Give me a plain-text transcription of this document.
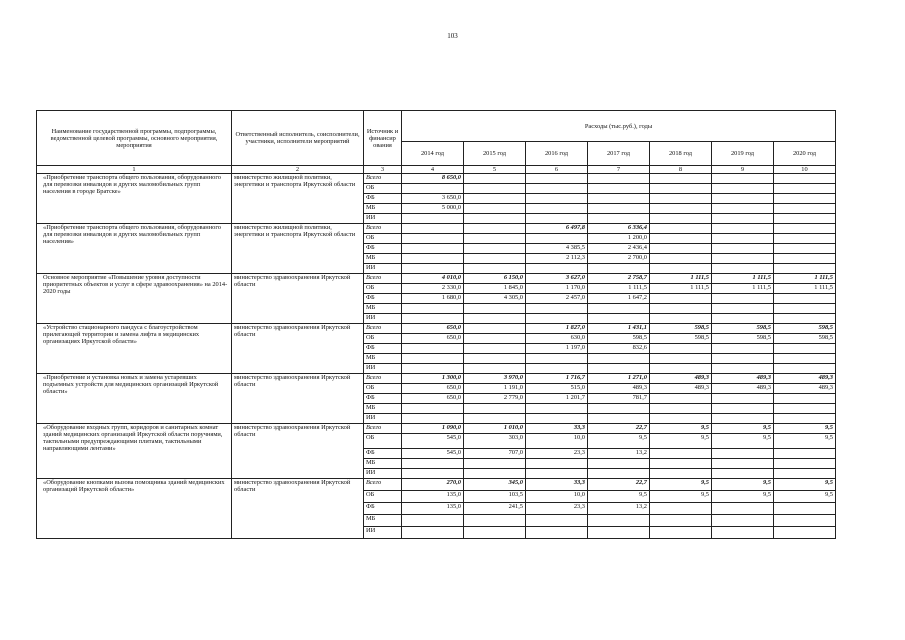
103
Наименование государственной программы, подпрограммы, ведомственной целевой программы, основного мероприятия, мероприятия	Ответственный исполнитель, соисполнители, участники, исполнители мероприятий	Источник и финансир ования	Расходы (тыс.руб.), годы						
			2014 год	2015 год	2016 год	2017 год	2018 год	2019 год	2020 год
1	2	3	4	5	6	7	8	9	10
«Приобретение транспорта общего пользования, оборудованного для перевозки инвалидов и других маломобильных групп населения в городе Братске»	министерство жилищной политики, энергетики и транспорта Иркутской области	Всего	8 650,0						
		ОБ							
		ФБ	3 650,0						
		МБ	5 000,0						
		ИИ							
«Приобретение транспорта общего пользования, оборудованного для перевозки инвалидов и других маломобильных групп населения»	министерство жилищной политики, энергетики и транспорта Иркутской области	Всего			6 497,8	6 336,4			
		ОБ				1 200,0			
		ФБ			4 385,5	2 436,4			
		МБ			2 112,3	2 700,0			
		ИИ							
Основное мероприятие «Повышение уровня доступности приоритетных объектов и услуг в сфере здравоохранения» на 2014-2020 годы	министерство здравоохранения Иркутской области	Всего	4 010,0	6 150,0	3 627,0	2 758,7	1 111,5	1 111,5	1 111,5
		ОБ	2 330,0	1 845,0	1 170,0	1 111,5	1 111,5	1 111,5	1 111,5
		ФБ	1 680,0	4 305,0	2 457,0	1 647,2			
		МБ							
		ИИ							
«Устройство стационарного пандуса с благоустройством прилегающей территории и замена лифта в медицинских организациях Иркутской области»	министерство здравоохранения Иркутской области	Всего	650,0		1 827,0	1 431,1	598,5	598,5	598,5
		ОБ	650,0		630,0	598,5	598,5	598,5	598,5
		ФБ			1 197,0	832,6			
		МБ							
		ИИ							
«Приобретение и установка новых и замена устаревших подъемных устройств для медицинских организаций Иркутской области»	министерство здравоохранения Иркутской области	Всего	1 300,0	3 970,0	1 716,7	1 271,0	489,3	489,3	489,3
		ОБ	650,0	1 191,0	515,0	489,3	489,3	489,3	489,3
		ФБ	650,0	2 779,0	1 201,7	781,7			
		МБ							
		ИИ							
«Оборудование входных групп, коридоров и санитарных комнат зданий медицинских организаций Иркутской области поручнями, тактильными предупреждающими плитами, тактильными направляющими лентами»	министерство здравоохранения Иркутской области	Всего	1 090,0	1 010,0	33,3	22,7	9,5	9,5	9,5
		ОБ	545,0	303,0	10,0	9,5	9,5	9,5	9,5
		ФБ	545,0	707,0	23,3	13,2			
		МБ							
		ИИ							
«Оборудование кнопками вызова помощника зданий медицинских организаций Иркутской области»	министерство здравоохранения Иркутской области	Всего	270,0	345,0	33,3	22,7	9,5	9,5	9,5
		ОБ	135,0	103,5	10,0	9,5	9,5	9,5	9,5
		ФБ	135,0	241,5	23,3	13,2			
		МБ							
		ИИ							
